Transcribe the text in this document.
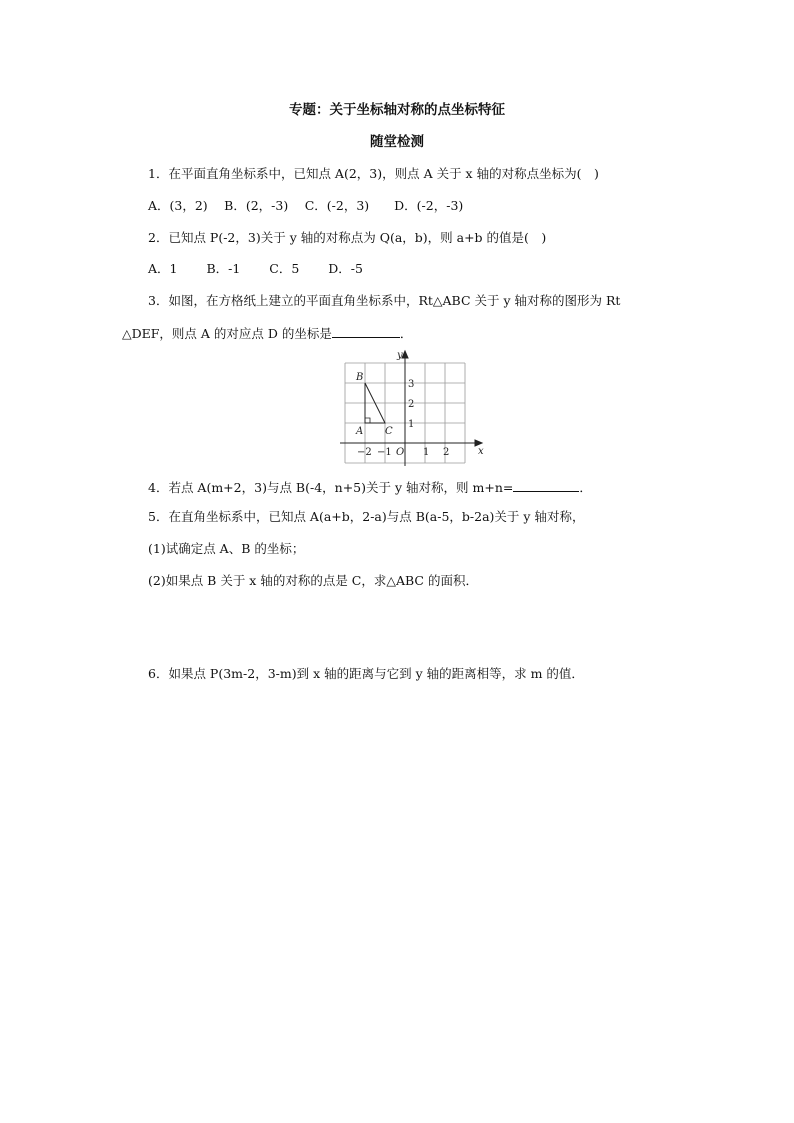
专题：关于坐标轴对称的点坐标特征
随堂检测
1．在平面直角坐标系中，已知点 A(2，3)，则点 A 关于 x 轴的对称点坐标为(　)
A．(3，2)　 B．(2，-3)　 C．(-2，3)　　D．(-2，-3)
2．已知点 P(-2，3)关于 y 轴的对称点为 Q(a，b)，则 a+b 的值是(　)
A．1　　 B．-1　　 C．5　　 D．-5
3．如图，在方格纸上建立的平面直角坐标系中，Rt△ABC 关于 y 轴对称的图形为 Rt
△DEF，则点 A 的对应点 D 的坐标是	．
x
y
O
−2 −1	1 2
1
2
3
B
A C
4．若点 A(m+2，3)与点 B(-4，n+5)关于 y 轴对称，则 m+n=	．
5．在直角坐标系中，已知点 A(a+b，2-a)与点 B(a-5，b-2a)关于 y 轴对称，
(1)试确定点 A、B 的坐标；
(2)如果点 B 关于 x 轴的对称的点是 C，求△ABC 的面积．
6．如果点 P(3m-2，3-m)到 x 轴的距离与它到 y 轴的距离相等，求 m 的值．
